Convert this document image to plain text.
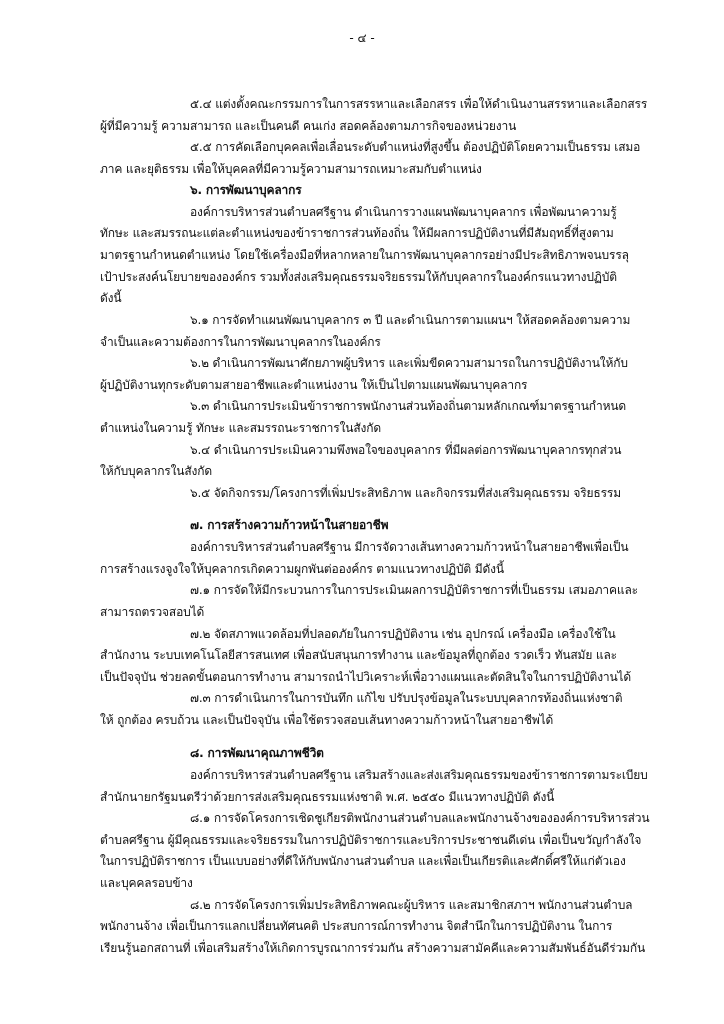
- ๔ -
๕.๔ แต่งตั้งคณะกรรมการในการสรรหาและเลือกสรร เพื่อให้ดำเนินงานสรรหาและเลือกสรร
ผู้ที่มีความรู้ ความสามารถ และเป็นคนดี คนเก่ง สอดคล้องตามภารกิจของหน่วยงาน
๕.๕ การคัดเลือกบุคคลเพื่อเลื่อนระดับตำแหน่งที่สูงขึ้น ต้องปฏิบัติโดยความเป็นธรรม เสมอ
ภาค และยุติธรรม เพื่อให้บุคคลที่มีความรู้ความสามารถเหมาะสมกับตำแหน่ง
๖. การพัฒนาบุคลากร
องค์การบริหารส่วนตำบลศรีฐาน ดำเนินการวางแผนพัฒนาบุคลากร เพื่อพัฒนาความรู้
ทักษะ และสมรรถนะแต่ละตำแหน่งของข้าราชการส่วนท้องถิ่น ให้มีผลการปฏิบัติงานที่มีสัมฤทธิ์ที่สูงตาม
มาตรฐานกำหนดตำแหน่ง โดยใช้เครื่องมือที่หลากหลายในการพัฒนาบุคลากรอย่างมีประสิทธิภาพจนบรรลุ
เป้าประสงค์นโยบายขององค์กร รวมทั้งส่งเสริมคุณธรรมจริยธรรมให้กับบุคลากรในองค์กรแนวทางปฏิบัติ
ดังนี้
๖.๑ การจัดทำแผนพัฒนาบุคลากร ๓ ปี และดำเนินการตามแผนฯ ให้สอดคล้องตามความ
จำเป็นและความต้องการในการพัฒนาบุคลากรในองค์กร
๖.๒ ดำเนินการพัฒนาศักยภาพผู้บริหาร และเพิ่มขีดความสามารถในการปฏิบัติงานให้กับ
ผู้ปฏิบัติงานทุกระดับตามสายอาชีพและตำแหน่งงาน ให้เป็นไปตามแผนพัฒนาบุคลากร
๖.๓ ดำเนินการประเมินข้าราชการพนักงานส่วนท้องถิ่นตามหลักเกณฑ์มาตรฐานกำหนด
ตำแหน่งในความรู้ ทักษะ และสมรรถนะราชการในสังกัด
๖.๔ ดำเนินการประเมินความพึงพอใจของบุคลากร ที่มีผลต่อการพัฒนาบุคลากรทุกส่วน
ให้กับบุคลากรในสังกัด
๖.๕ จัดกิจกรรม/โครงการที่เพิ่มประสิทธิภาพ และกิจกรรมที่ส่งเสริมคุณธรรม จริยธรรม
๗. การสร้างความก้าวหน้าในสายอาชีพ
องค์การบริหารส่วนตำบลศรีฐาน มีการจัดวางเส้นทางความก้าวหน้าในสายอาชีพเพื่อเป็น
การสร้างแรงจูงใจให้บุคลากรเกิดความผูกพันต่อองค์กร ตามแนวทางปฏิบัติ มีดังนี้
๗.๑ การจัดให้มีกระบวนการในการประเมินผลการปฏิบัติราชการที่เป็นธรรม เสมอภาคและ
สามารถตรวจสอบได้
๗.๒ จัดสภาพแวดล้อมที่ปลอดภัยในการปฏิบัติงาน เช่น อุปกรณ์ เครื่องมือ เครื่องใช้ใน
สำนักงาน ระบบเทคโนโลยีสารสนเทศ เพื่อสนับสนุนการทำงาน และข้อมูลที่ถูกต้อง รวดเร็ว ทันสมัย และ
เป็นปัจจุบัน ช่วยลดขั้นตอนการทำงาน สามารถนำไปวิเคราะห์เพื่อวางแผนและตัดสินใจในการปฏิบัติงานได้
๗.๓ การดำเนินการในการบันทึก แก้ไข ปรับปรุงข้อมูลในระบบบุคลากรท้องถิ่นแห่งชาติ
ให้ ถูกต้อง ครบถ้วน และเป็นปัจจุบัน เพื่อใช้ตรวจสอบเส้นทางความก้าวหน้าในสายอาชีพได้
๘. การพัฒนาคุณภาพชีวิต
องค์การบริหารส่วนตำบลศรีฐาน เสริมสร้างและส่งเสริมคุณธรรมของข้าราชการตามระเบียบ
สำนักนายกรัฐมนตรีว่าด้วยการส่งเสริมคุณธรรมแห่งชาติ พ.ศ. ๒๕๕๐ มีแนวทางปฏิบัติ ดังนี้
๘.๑ การจัดโครงการเชิดชูเกียรติพนักงานส่วนตำบลและพนักงานจ้างขององค์การบริหารส่วน
ตำบลศรีฐาน ผู้มีคุณธรรมและจริยธรรมในการปฏิบัติราชการและบริการประชาชนดีเด่น เพื่อเป็นขวัญกำลังใจ
ในการปฏิบัติราชการ เป็นแบบอย่างที่ดีให้กับพนักงานส่วนตำบล และเพื่อเป็นเกียรติและศักดิ์ศรีให้แก่ตัวเอง
และบุคคลรอบข้าง
๘.๒ การจัดโครงการเพิ่มประสิทธิภาพคณะผู้บริหาร และสมาชิกสภาฯ พนักงานส่วนตำบล
พนักงานจ้าง เพื่อเป็นการแลกเปลี่ยนทัศนคติ ประสบการณ์การทำงาน จิตสำนึกในการปฏิบัติงาน ในการ
เรียนรู้นอกสถานที่ เพื่อเสริมสร้างให้เกิดการบูรณาการร่วมกัน สร้างความสามัคคีและความสัมพันธ์อันดีร่วมกัน
